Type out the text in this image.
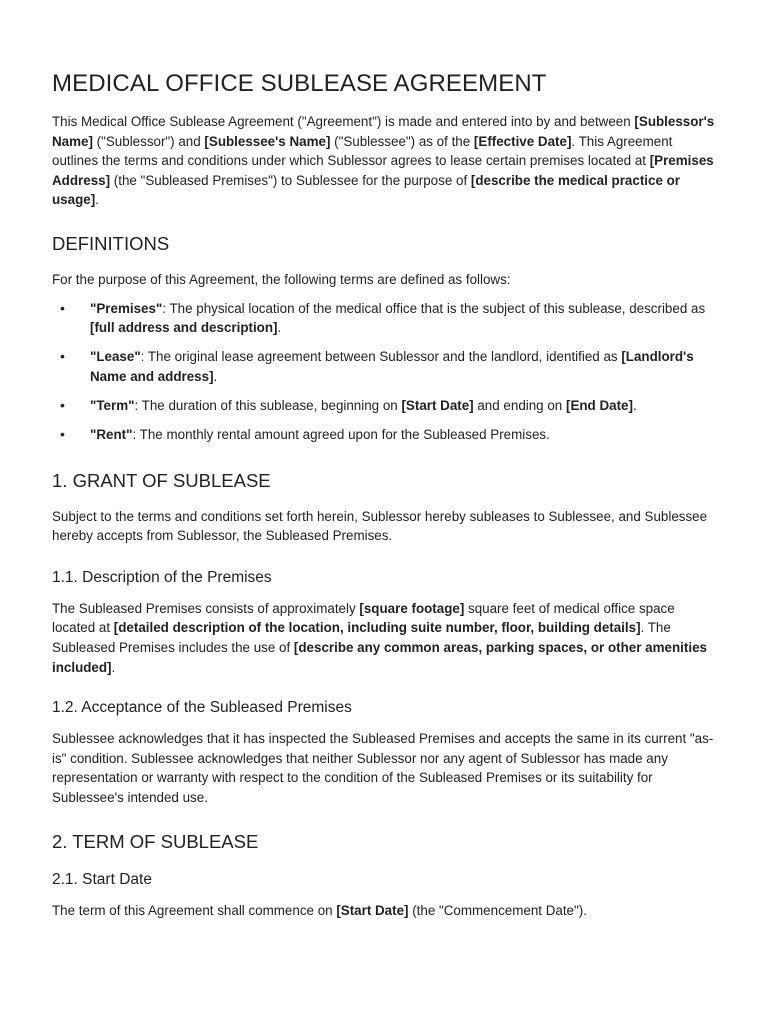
MEDICAL OFFICE SUBLEASE AGREEMENT

This Medical Office Sublease Agreement ("Agreement") is made and entered into by and between [Sublessor's Name] ("Sublessor") and [Sublessee's Name] ("Sublessee") as of the [Effective Date]. This Agreement outlines the terms and conditions under which Sublessor agrees to lease certain premises located at [Premises Address] (the "Subleased Premises") to Sublessee for the purpose of [describe the medical practice or usage].

DEFINITIONS

For the purpose of this Agreement, the following terms are defined as follows:

• "Premises": The physical location of the medical office that is the subject of this sublease, described as [full address and description].
• "Lease": The original lease agreement between Sublessor and the landlord, identified as [Landlord's Name and address].
• "Term": The duration of this sublease, beginning on [Start Date] and ending on [End Date].
• "Rent": The monthly rental amount agreed upon for the Subleased Premises.
1. GRANT OF SUBLEASE

Subject to the terms and conditions set forth herein, Sublessor hereby subleases to Sublessee, and Sublessee hereby accepts from Sublessor, the Subleased Premises.

1.1. Description of the Premises

The Subleased Premises consists of approximately [square footage] square feet of medical office space located at [detailed description of the location, including suite number, floor, building details]. The Subleased Premises includes the use of [describe any common areas, parking spaces, or other amenities included].

1.2. Acceptance of the Subleased Premises

Sublessee acknowledges that it has inspected the Subleased Premises and accepts the same in its current "as-is" condition. Sublessee acknowledges that neither Sublessor nor any agent of Sublessor has made any representation or warranty with respect to the condition of the Subleased Premises or its suitability for Sublessee's intended use.

2. TERM OF SUBLEASE
2.1. Start Date

The term of this Agreement shall commence on [Start Date] (the "Commencement Date").
